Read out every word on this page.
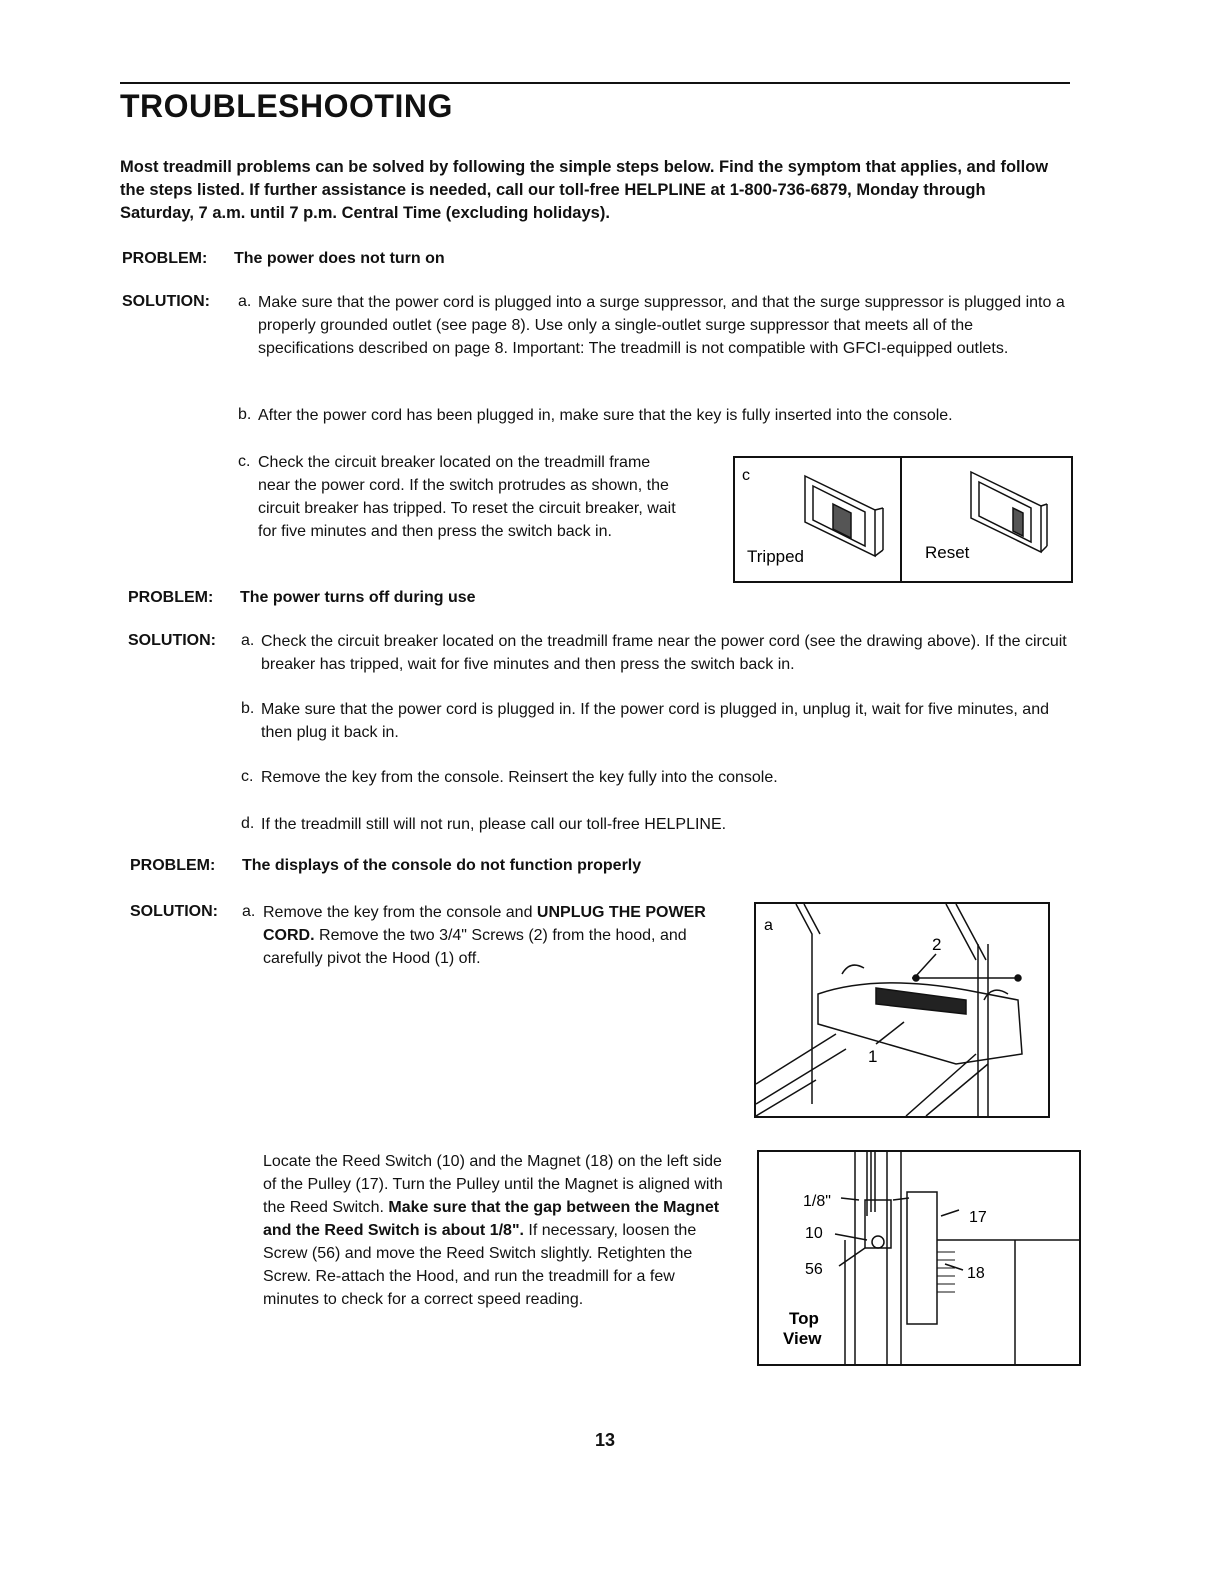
TROUBLESHOOTING
Most treadmill problems can be solved by following the simple steps below. Find the symptom that applies, and follow the steps listed. If further assistance is needed, call our toll-free HELPLINE at 1-800-736-6879, Monday through Saturday, 7 a.m. until 7 p.m. Central Time (excluding holidays).
PROBLEM: The power does not turn on
SOLUTION: a. Make sure that the power cord is plugged into a surge suppressor, and that the surge suppressor is plugged into a properly grounded outlet (see page 8). Use only a single-outlet surge suppressor that meets all of the specifications described on page 8. Important: The treadmill is not compatible with GFCI-equipped outlets.
b. After the power cord has been plugged in, make sure that the key is fully inserted into the console.
c. Check the circuit breaker located on the treadmill frame near the power cord. If the switch protrudes as shown, the circuit breaker has tripped. To reset the circuit breaker, wait for five minutes and then press the switch back in.
c
Tripped	Reset
PROBLEM: The power turns off during use
SOLUTION: a. Check the circuit breaker located on the treadmill frame near the power cord (see the drawing above). If the circuit breaker has tripped, wait for five minutes and then press the switch back in.
b. Make sure that the power cord is plugged in. If the power cord is plugged in, unplug it, wait for five minutes, and then plug it back in.
c. Remove the key from the console. Reinsert the key fully into the console.
d. If the treadmill still will not run, please call our toll-free HELPLINE.
PROBLEM: The displays of the console do not function properly
SOLUTION: a. Remove the key from the console and UNPLUG THE POWER CORD. Remove the two 3/4" Screws (2) from the hood, and carefully pivot the Hood (1) off.
a
2
1
Locate the Reed Switch (10) and the Magnet (18) on the left side of the Pulley (17). Turn the Pulley until the Magnet is aligned with the Reed Switch. Make sure that the gap between the Magnet and the Reed Switch is about 1/8". If necessary, loosen the Screw (56) and move the Reed Switch slightly. Retighten the Screw. Re-attach the Hood, and run the treadmill for a few minutes to check for a correct speed reading.
1/8"
10
56
17
18
Top
View
13
